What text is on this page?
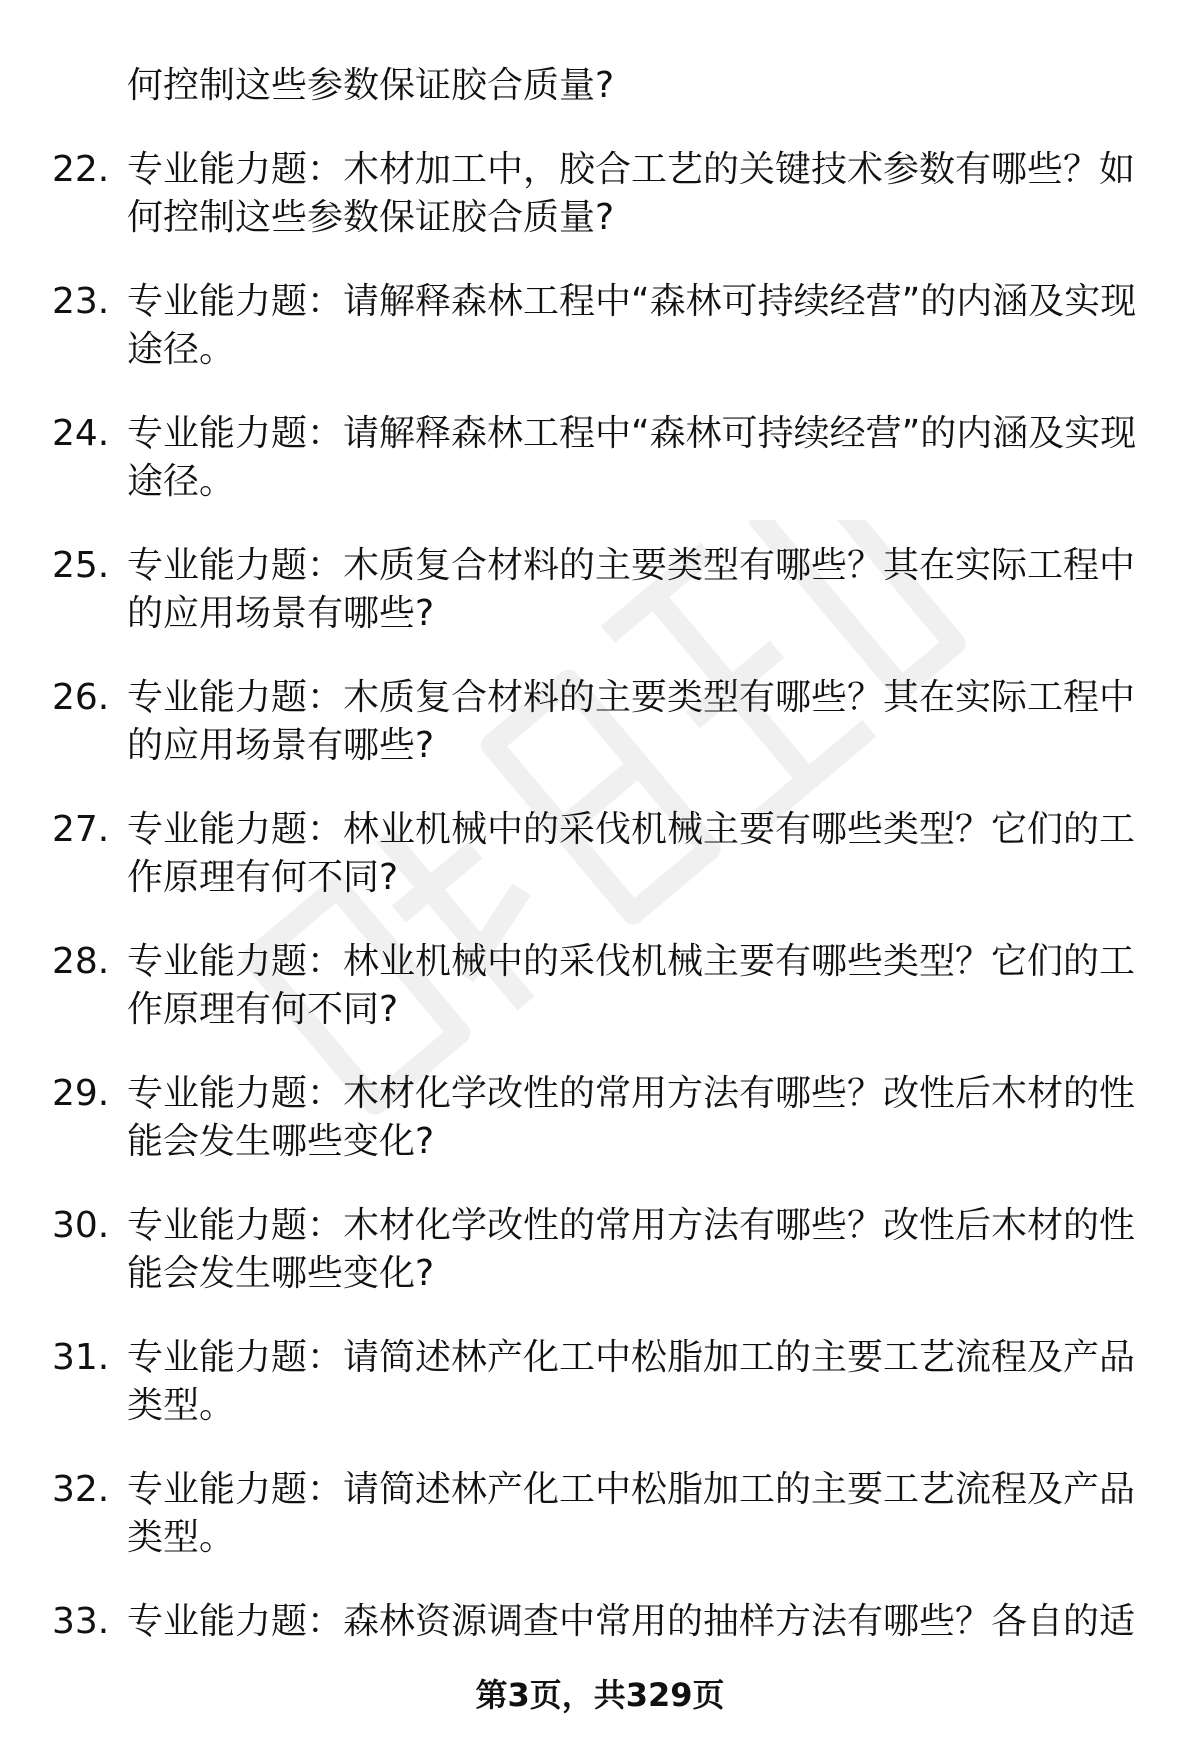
何控制这些参数保证胶合质量?

22. 专业能力题：木材加工中，胶合工艺的关键技术参数有哪些？如何控制这些参数保证胶合质量?
23. 专业能力题：请解释森林工程中“森林可持续经营”的内涵及实现途径。
24. 专业能力题：请解释森林工程中“森林可持续经营”的内涵及实现途径。
25. 专业能力题：木质复合材料的主要类型有哪些？其在实际工程中的应用场景有哪些?
26. 专业能力题：木质复合材料的主要类型有哪些？其在实际工程中的应用场景有哪些?
27. 专业能力题：林业机械中的采伐机械主要有哪些类型？它们的工作原理有何不同?
28. 专业能力题：林业机械中的采伐机械主要有哪些类型？它们的工作原理有何不同?
29. 专业能力题：木材化学改性的常用方法有哪些？改性后木材的性能会发生哪些变化?
30. 专业能力题：木材化学改性的常用方法有哪些？改性后木材的性能会发生哪些变化?
31. 专业能力题：请简述林产化工中松脂加工的主要工艺流程及产品类型。
32. 专业能力题：请简述林产化工中松脂加工的主要工艺流程及产品类型。
33. 专业能力题：森林资源调查中常用的抽样方法有哪些？各自的适
第3页，共329页
